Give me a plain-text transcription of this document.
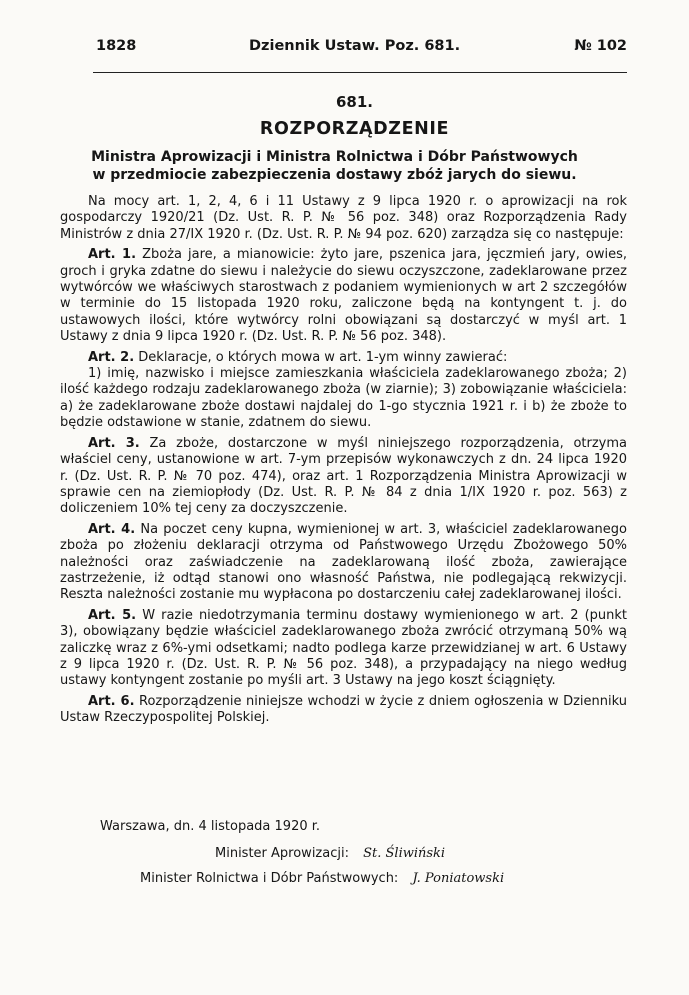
1828	Dziennik Ustaw. Poz. 681.	№ 102
681.
ROZPORZĄDZENIE
Ministra Aprowizacji i Ministra Rolnictwa i Dóbr Państwowych
w przedmiocie zabezpieczenia dostawy zbóż jarych do siewu.

Na mocy art. 1, 2, 4, 6 i 11 Ustawy z 9 lipca 1920 r. o aprowizacji na rok gospodarczy 1920/21 (Dz. Ust. R. P. № 56 poz. 348) oraz Rozporządzenia Rady Ministrów z dnia 27/IX 1920 r. (Dz. Ust. R. P. № 94 poz. 620) zarządza się co następuje:

Art. 1. Zboża jare, a mianowicie: żyto jare, pszenica jara, jęczmień jary, owies, groch i gryka zdatne do siewu i należycie do siewu oczyszczone, zadeklarowane przez wytwórców we właściwych starostwach z podaniem wymienionych w art 2 szczegółów w terminie do 15 listopada 1920 roku, zaliczone będą na kontyngent t. j. do ustawowych ilości, które wytwórcy rolni obowiązani są dostarczyć w myśl art. 1 Ustawy z dnia 9 lipca 1920 r. (Dz. Ust. R. P. № 56 poz. 348).

Art. 2. Deklaracje, o których mowa w art. 1-ym winny zawierać:

1) imię, nazwisko i miejsce zamieszkania właściciela zadeklarowanego zboża; 2) ilość każdego rodzaju zadeklarowanego zboża (w ziarnie); 3) zobowiązanie właściciela: a) że zadeklarowane zboże dostawi najdalej do 1-go stycznia 1921 r. i b) że zboże to będzie odstawione w stanie, zdatnem do siewu.

Art. 3. Za zboże, dostarczone w myśl niniejszego rozporządzenia, otrzyma właściel ceny, ustanowione w art. 7-ym przepisów wykonawczych z dn. 24 lipca 1920 r. (Dz. Ust. R. P. № 70 poz. 474), oraz art. 1 Rozporządzenia Ministra Aprowizacji w sprawie cen na ziemiopłody (Dz. Ust. R. P. № 84 z dnia 1/IX 1920 r. poz. 563) z doliczeniem 10% tej ceny za doczyszczenie.

Art. 4. Na poczet ceny kupna, wymienionej w art. 3, właściciel zadeklarowanego zboża po złożeniu deklaracji otrzyma od Państwowego Urzędu Zbożowego 50% należności oraz zaświadczenie na zadeklarowaną ilość zboża, zawierające zastrzeżenie, iż odtąd stanowi ono własność Państwa, nie podlegającą rekwizycji. Reszta należności zostanie mu wypłacona po dostarczeniu całej zadeklarowanej ilości.

Art. 5. W razie niedotrzymania terminu dostawy wymienionego w art. 2 (punkt 3), obowiązany będzie właściciel zadeklarowanego zboża zwrócić otrzymaną 50% wą zaliczkę wraz z 6%-ymi odsetkami; nadto podlega karze przewidzianej w art. 6 Ustawy z 9 lipca 1920 r. (Dz. Ust. R. P. № 56 poz. 348), a przypadający na niego według ustawy kontyngent zostanie po myśli art. 3 Ustawy na jego koszt ściągnięty.

Art. 6. Rozporządzenie niniejsze wchodzi w życie z dniem ogłoszenia w Dzienniku Ustaw Rzeczypospolitej Polskiej.

Warszawa, dn. 4 listopada 1920 r.
Minister Aprowizacji: St. Śliwiński
Minister Rolnictwa i Dóbr Państwowych: J. Poniatowski
